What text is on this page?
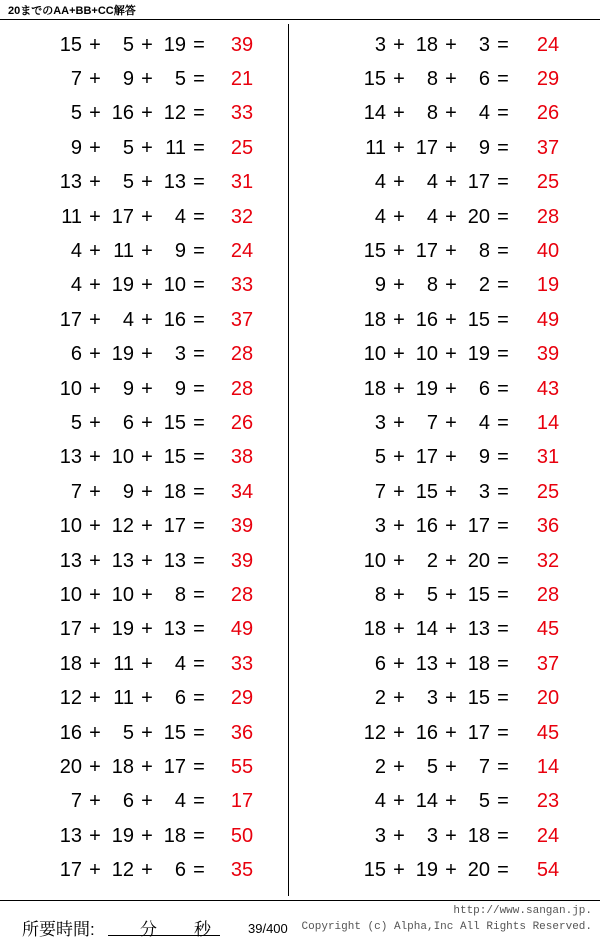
20までのAA+BB+CC解答
15 +	5 + 19 =	39
7 +	9 +	5 =	21
5 + 16 + 12 =	33
9 +	5 + 11 =	25
13 +	5 + 13 =	31
11 + 17 +	4 =	32
4 + 11 +	9 =	24
4 + 19 + 10 =	33
17 +	4 + 16 =	37
6 + 19 +	3 =	28
10 +	9 +	9 =	28
5 +	6 + 15 =	26
13 + 10 + 15 =	38
7 +	9 + 18 =	34
10 + 12 + 17 =	39
13 + 13 + 13 =	39
10 + 10 +	8 =	28
17 + 19 + 13 =	49
18 + 11 +	4 =	33
12 + 11 +	6 =	29
16 +	5 + 15 =	36
20 + 18 + 17 =	55
7 +	6 +	4 =	17
13 + 19 + 18 =	50
17 + 12 +	6 =	35
3 + 18 +	3 =	24
15 +	8 +	6 =	29
14 +	8 +	4 =	26
11 + 17 +	9 =	37
4 +	4 + 17 =	25
4 +	4 + 20 =	28
15 + 17 +	8 =	40
9 +	8 +	2 =	19
18 + 16 + 15 =	49
10 + 10 + 19 =	39
18 + 19 +	6 =	43
3 +	7 +	4 =	14
5 + 17 +	9 =	31
7 + 15 +	3 =	25
3 + 16 + 17 =	36
10 +	2 + 20 =	32
8 +	5 + 15 =	28
18 + 14 + 13 =	45
6 + 13 + 18 =	37
2 +	3 + 15 =	20
12 + 16 + 17 =	45
2 +	5 +	7 =	14
4 + 14 +	5 =	23
3 +	3 + 18 =	24
15 + 19 + 20 =	54
所要時間:	分 秒	39/400
http://www.sangan.jp.
Copyright (c) Alpha,Inc All Rights Reserved.
